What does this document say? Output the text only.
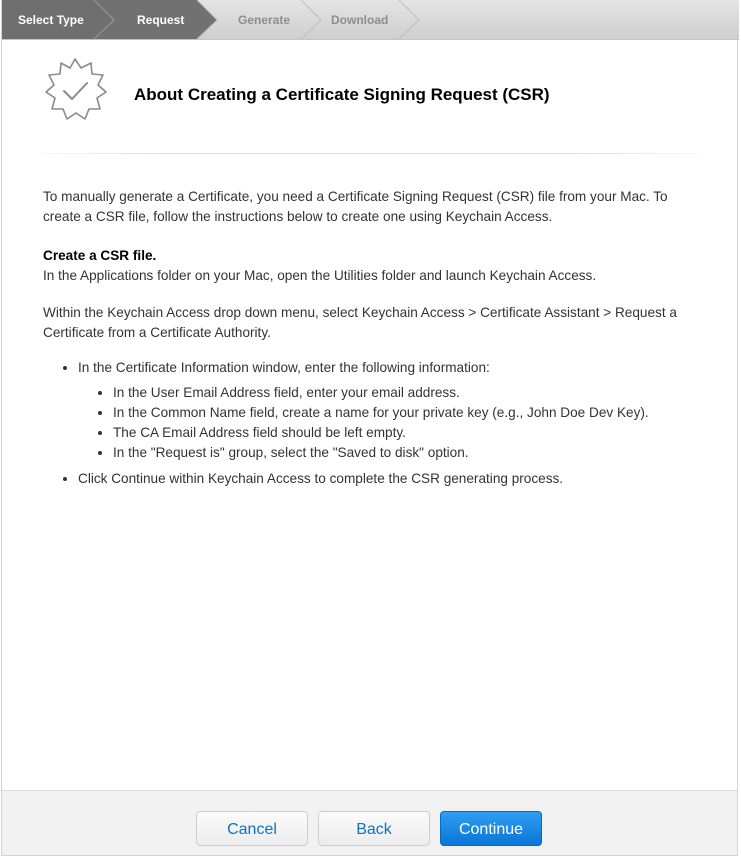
Select Type	Request	Generate	Download
About Creating a Certificate Signing Request (CSR)

To manually generate a Certificate, you need a Certificate Signing Request (CSR) file from your Mac. To create a CSR file, follow the instructions below to create one using Keychain Access.

Create a CSR file.

In the Applications folder on your Mac, open the Utilities folder and launch Keychain Access.

Within the Keychain Access drop down menu, select Keychain Access > Certificate Assistant > Request a Certificate from a Certificate Authority.

• In the Certificate Information window, enter the following information:
• In the User Email Address field, enter your email address.
• In the Common Name field, create a name for your private key (e.g., John Doe Dev Key).
• The CA Email Address field should be left empty.
• In the "Request is" group, select the "Saved to disk" option.
• Click Continue within Keychain Access to complete the CSR generating process.
Cancel	Back	Continue
